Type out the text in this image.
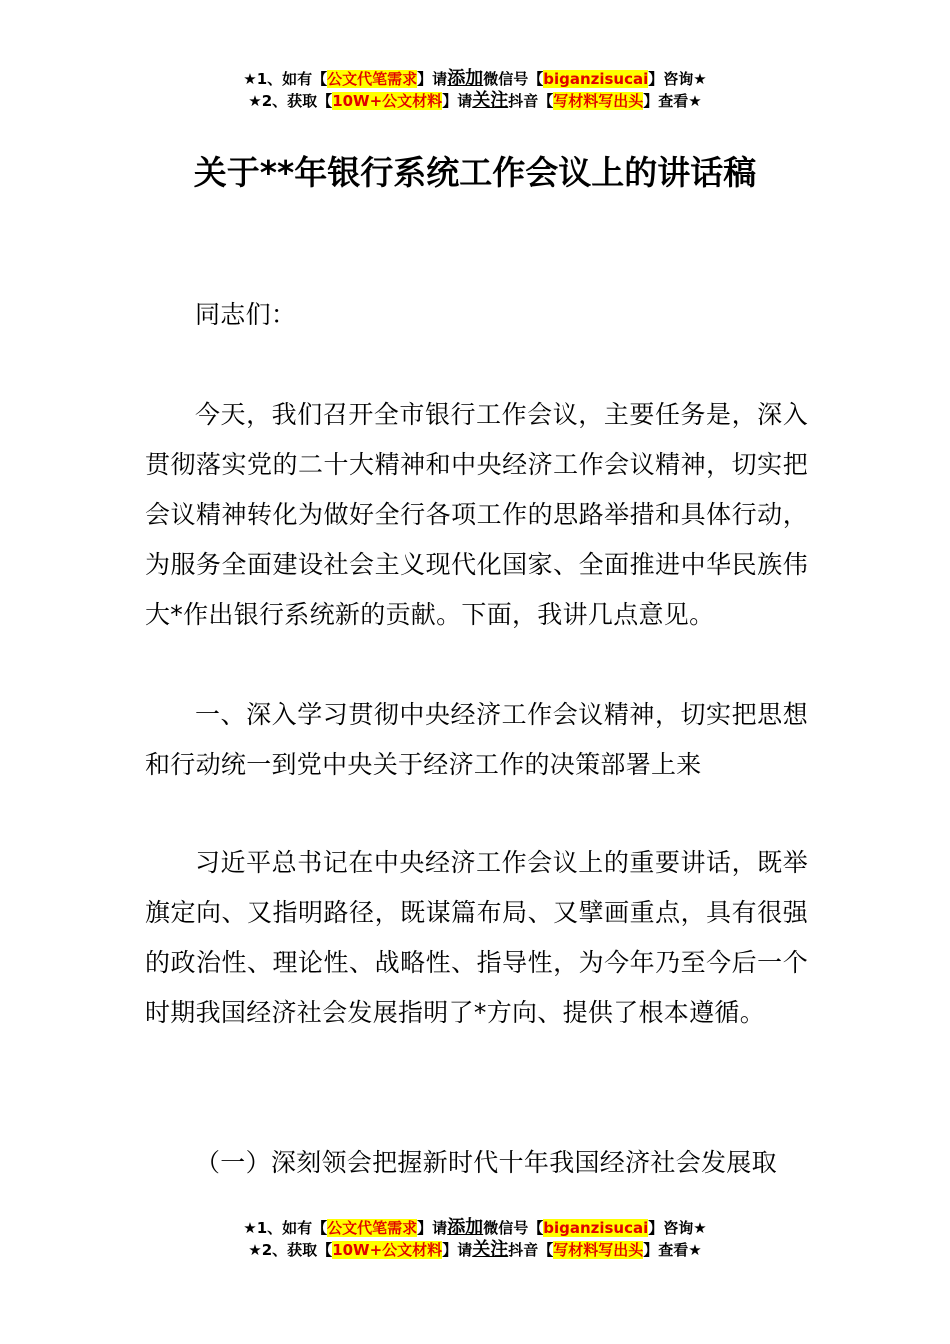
★1、如有【公文代笔需求】请添加微信号【biganzisucai】咨询★
★2、获取【10W+公文材料】请关注抖音【写材料写出头】查看★
关于**年银行系统工作会议上的讲话稿
同志们：
今天，我们召开全市银行工作会议，主要任务是，深入贯彻落实党的二十大精神和中央经济工作会议精神，切实把会议精神转化为做好全行各项工作的思路举措和具体行动，为服务全面建设社会主义现代化国家、全面推进中华民族伟大*作出银行系统新的贡献。下面，我讲几点意见。
一、深入学习贯彻中央经济工作会议精神，切实把思想和行动统一到党中央关于经济工作的决策部署上来
习近平总书记在中央经济工作会议上的重要讲话，既举旗定向、又指明路径，既谋篇布局、又擘画重点，具有很强的政治性、理论性、战略性、指导性，为今年乃至今后一个时期我国经济社会发展指明了*方向、提供了根本遵循。
（一）深刻领会把握新时代十年我国经济社会发展取
★1、如有【公文代笔需求】请添加微信号【biganzisucai】咨询★
★2、获取【10W+公文材料】请关注抖音【写材料写出头】查看★
